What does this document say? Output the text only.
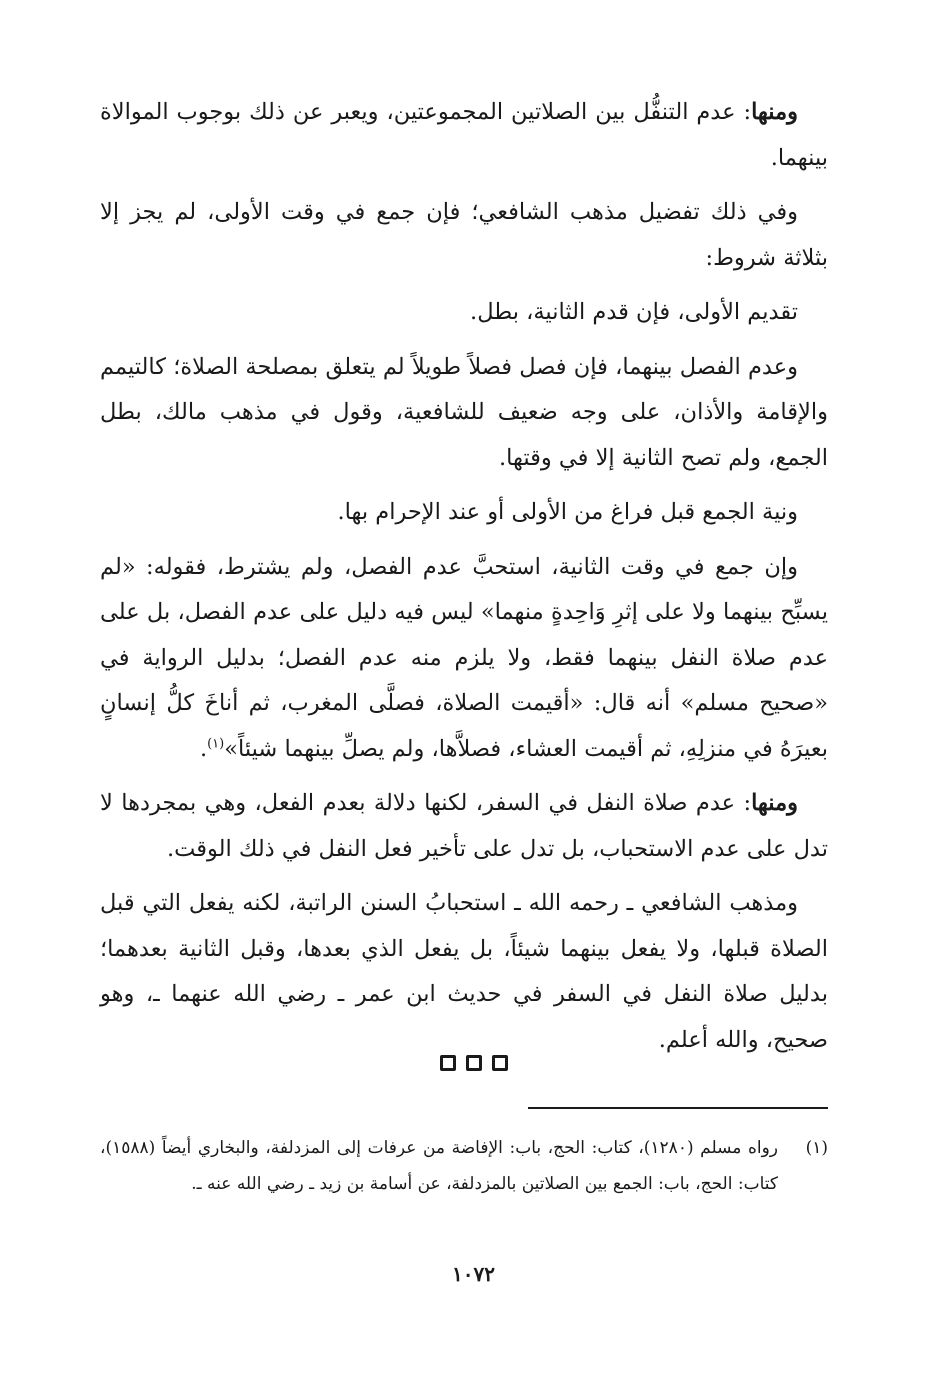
ومنها: عدم التنفُّل بين الصلاتين المجموعتين، ويعبر عن ذلك بوجوب الموالاة بينهما.

وفي ذلك تفضيل مذهب الشافعي؛ فإن جمع في وقت الأولى، لم يجز إلا بثلاثة شروط:

تقديم الأولى، فإن قدم الثانية، بطل.

وعدم الفصل بينهما، فإن فصل فصلاً طويلاً لم يتعلق بمصلحة الصلاة؛ كالتيمم والإقامة والأذان، على وجه ضعيف للشافعية، وقول في مذهب مالك، بطل الجمع، ولم تصح الثانية إلا في وقتها.

ونية الجمع قبل فراغ من الأولى أو عند الإحرام بها.

وإن جمع في وقت الثانية، استحبَّ عدم الفصل، ولم يشترط، فقوله: «لم يسبِّح بينهما ولا على إثرِ وَاحِدةٍ منهما» ليس فيه دليل على عدم الفصل، بل على عدم صلاة النفل بينهما فقط، ولا يلزم منه عدم الفصل؛ بدليل الرواية في «صحيح مسلم» أنه قال: «أقيمت الصلاة، فصلَّى المغرب، ثم أناخَ كلُّ إنسانٍ بعيرَهُ في منزلِهِ، ثم أقيمت العشاء، فصلاَّها، ولم يصلِّ بينهما شيئاً»$^{(١)}$.

ومنها: عدم صلاة النفل في السفر، لكنها دلالة بعدم الفعل، وهي بمجردها لا تدل على عدم الاستحباب، بل تدل على تأخير فعل النفل في ذلك الوقت.

ومذهب الشافعي ـ رحمه الله ـ استحبابُ السنن الراتبة، لكنه يفعل التي قبل الصلاة قبلها، ولا يفعل بينهما شيئاً، بل يفعل الذي بعدها، وقبل الثانية بعدهما؛ بدليل صلاة النفل في السفر في حديث ابن عمر ـ رضي الله عنهما ـ، وهو صحيح، والله أعلم.

(١)
رواه مسلم (١٢٨٠)، كتاب: الحج، باب: الإفاضة من عرفات إلى المزدلفة، والبخاري أيضاً (١٥٨٨)، كتاب: الحج، باب: الجمع بين الصلاتين بالمزدلفة، عن أسامة بن زيد ـ رضي الله عنه ـ.
١٠٧٢
